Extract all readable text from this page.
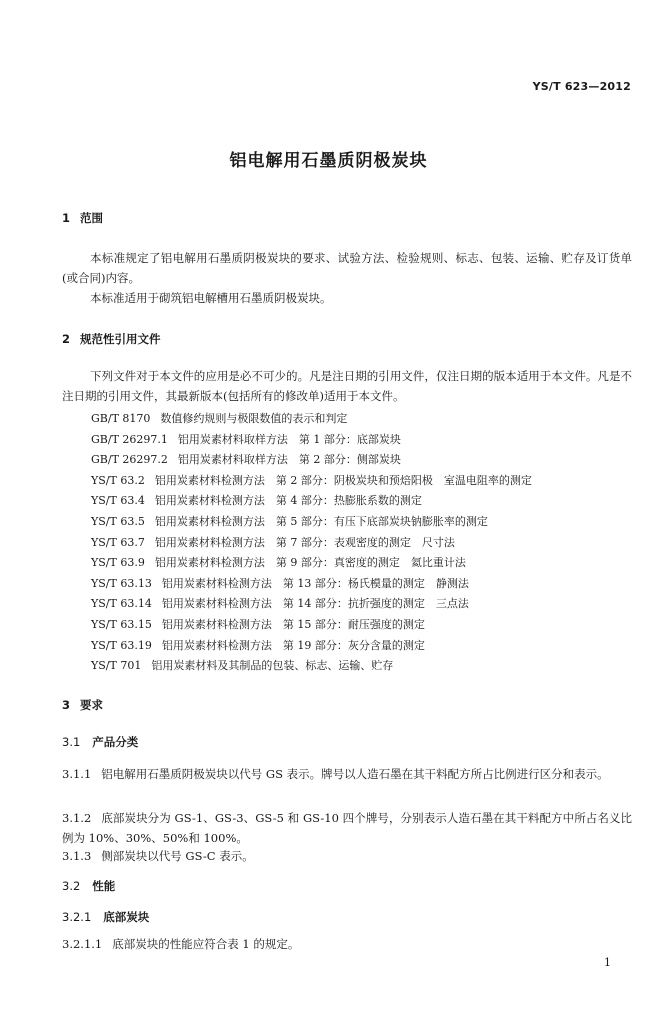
YS/T 623—2012
铝电解用石墨质阴极炭块
1 范围
本标准规定了铝电解用石墨质阴极炭块的要求、试验方法、检验规则、标志、包装、运输、贮存及订货单(或合同)内容。
本标准适用于砌筑铝电解槽用石墨质阴极炭块。
2 规范性引用文件
下列文件对于本文件的应用是必不可少的。凡是注日期的引用文件，仅注日期的版本适用于本文件。凡是不注日期的引用文件，其最新版本(包括所有的修改单)适用于本文件。
GB/T 8170 数值修约规则与极限数值的表示和判定
GB/T 26297.1 铝用炭素材料取样方法　第 1 部分：底部炭块
GB/T 26297.2 铝用炭素材料取样方法　第 2 部分：侧部炭块
YS/T 63.2 铝用炭素材料检测方法　第 2 部分：阴极炭块和预焙阳极　室温电阻率的测定
YS/T 63.4 铝用炭素材料检测方法　第 4 部分：热膨胀系数的测定
YS/T 63.5 铝用炭素材料检测方法　第 5 部分：有压下底部炭块钠膨胀率的测定
YS/T 63.7 铝用炭素材料检测方法　第 7 部分：表观密度的测定　尺寸法
YS/T 63.9 铝用炭素材料检测方法　第 9 部分：真密度的测定　氦比重计法
YS/T 63.13 铝用炭素材料检测方法　第 13 部分：杨氏模量的测定　静测法
YS/T 63.14 铝用炭素材料检测方法　第 14 部分：抗折强度的测定　三点法
YS/T 63.15 铝用炭素材料检测方法　第 15 部分：耐压强度的测定
YS/T 63.19 铝用炭素材料检测方法　第 19 部分：灰分含量的测定
YS/T 701 铝用炭素材料及其制品的包装、标志、运输、贮存
3 要求
3.1 产品分类
3.1.1 铝电解用石墨质阴极炭块以代号 GS 表示。牌号以人造石墨在其干料配方所占比例进行区分和表示。
3.1.2 底部炭块分为 GS-1、GS-3、GS-5 和 GS-10 四个牌号，分别表示人造石墨在其干料配方中所占名义比例为 10%、30%、50%和 100%。
3.1.3 侧部炭块以代号 GS-C 表示。
3.2 性能
3.2.1 底部炭块
3.2.1.1 底部炭块的性能应符合表 1 的规定。
1
